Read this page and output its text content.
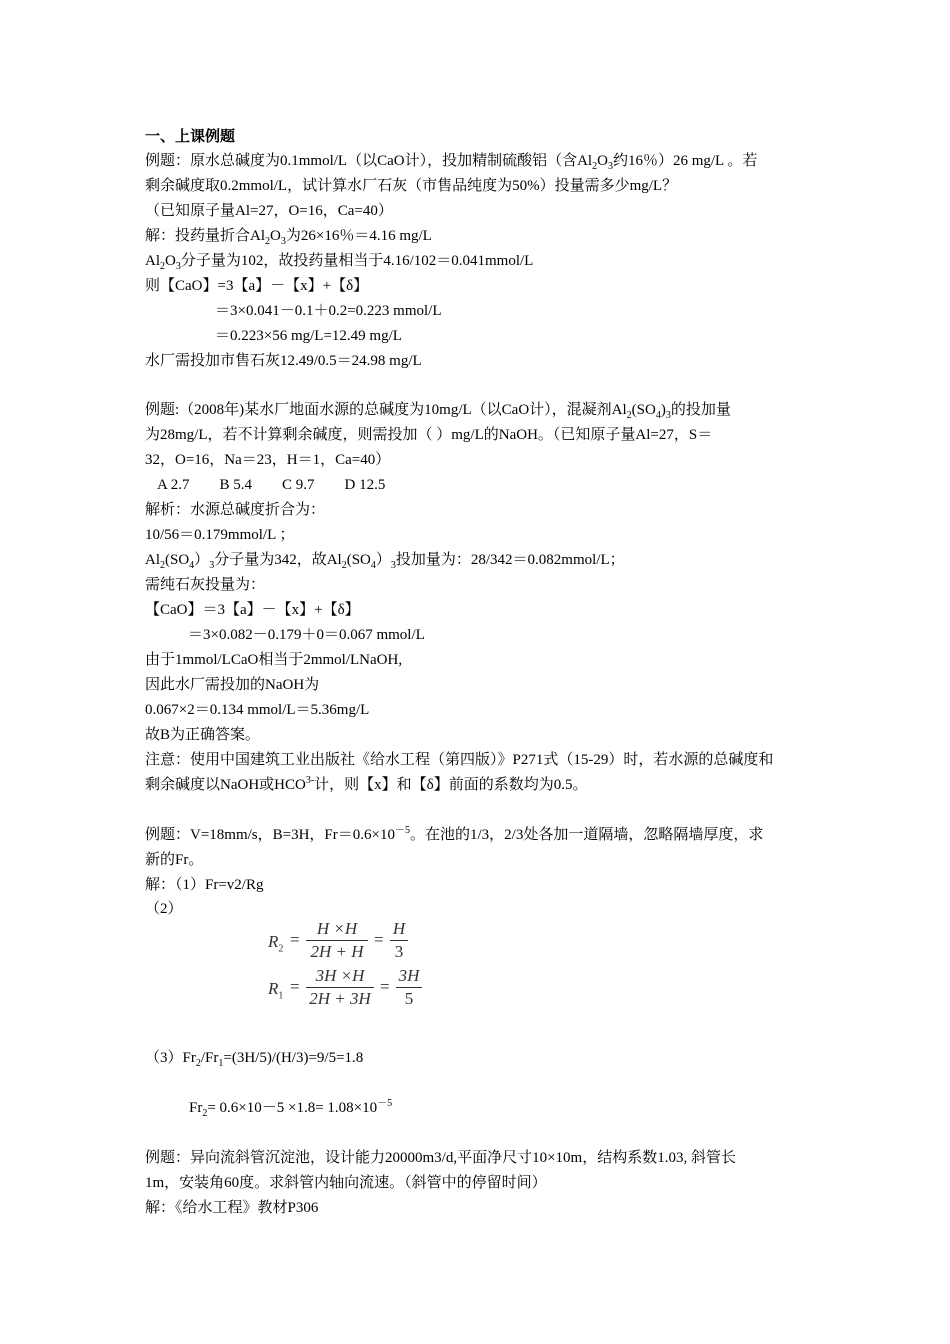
一、上课例题
例题：原水总碱度为0.1mmol/L（以CaO计），投加精制硫酸铝（含$Al_2O_3$约16％）26 mg/L 。若
剩余碱度取0.2mmol/L，试计算水厂石灰（市售品纯度为50%）投量需多少mg/L？
（已知原子量Al=27，O=16，Ca=40）
解：投药量折合$Al_2O_3$为26×16％＝4.16 mg/L
$Al_2O_3$分子量为102，故投药量相当于4.16/102＝0.041mmol/L
则【CaO】=3【a】－【x】+【δ】
＝3×0.041－0.1＋0.2=0.223 mmol/L
＝0.223×56 mg/L=12.49 mg/L
水厂需投加市售石灰12.49/0.5＝24.98 mg/L
例题:（2008年)某水厂地面水源的总碱度为10mg/L（以CaO计），混凝剂$Al_2(SO_4)_3$的投加量
为28mg/L，若不计算剩余碱度，则需投加（ ）mg/L的NaOH。（已知原子量Al=27，S＝
32，O=16，Na＝23，H＝1，Ca=40）
A 2.7 B 5.4 C 9.7 D 12.5
解析：水源总碱度折合为：
10/56＝0.179mmol/L ；
$Al_2(SO_4)_3$分子量为342，故$Al_2(SO_4)_3$投加量为：28/342＝0.082mmol/L；
需纯石灰投量为：
【CaO】＝3【a】－【x】+【δ】
＝3×0.082－0.179＋0＝0.067 mmol/L
由于1mmol/LCaO相当于2mmol/LNaOH,
因此水厂需投加的NaOH为
0.067×2＝0.134 mmol/L＝5.36mg/L
故B为正确答案。
注意：使用中国建筑工业出版社《给水工程（第四版）》P271式（15-29）时，若水源的总碱度和
剩余碱度以NaOH或$HCO^{3-}$计，则【x】和【δ】前面的系数均为0.5。
例题：V=18mm/s，B=3H，$Fr=0.6\times 10^{-5}$。在池的1/3，2/3处各加一道隔墙，忽略隔墙厚度，求
新的Fr。
解：（1）Fr=v2/Rg
（2）
$R_2$ =
H ×H
2H + H
=
H
3
$R_1$ =
3H ×H
2H + 3H
=
3H
5
$(3)Fr_2/Fr_1=(3H/5)/(H/3)=9/5=1.8$
$Fr_2= 0.6\times 10-5 \times 1.8= 1.08\times 10^{-5}$
例题：异向流斜管沉淀池，设计能力20000m3/d,平面净尺寸10×10m，结构系数1.03, 斜管长
1m，安装角60度。求斜管内轴向流速。（斜管中的停留时间）
解：《给水工程》教材P306
